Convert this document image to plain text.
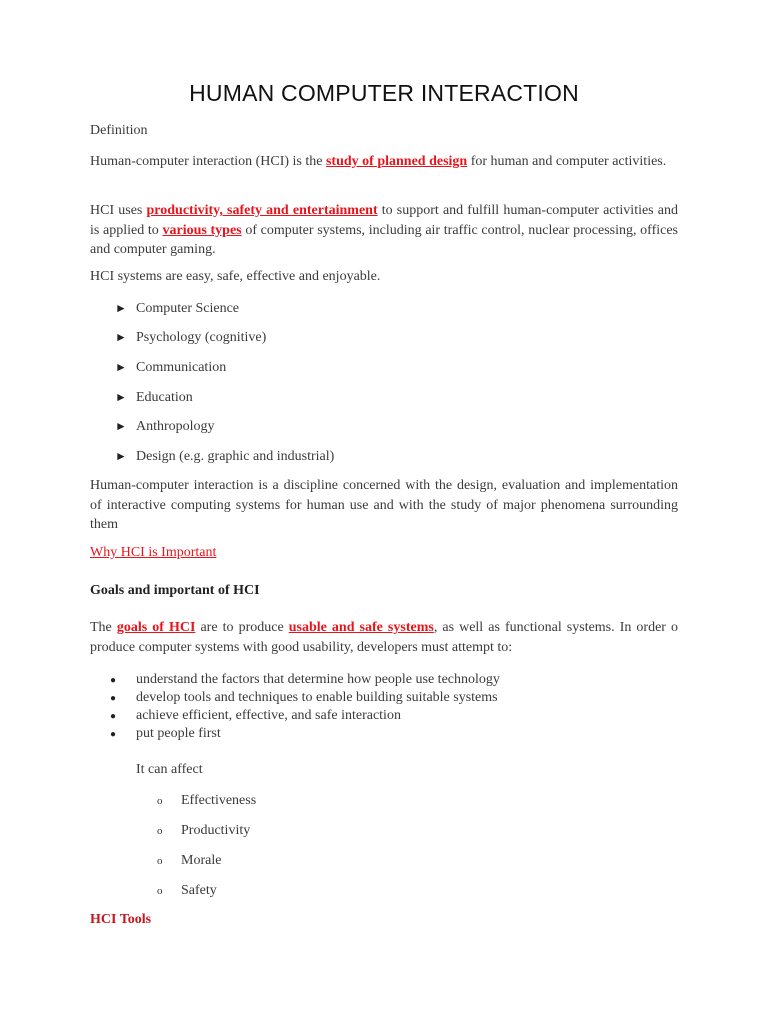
HUMAN COMPUTER INTERACTION
Definition

Human-computer interaction (HCI) is the study of planned design for human and computer activities.

HCI uses productivity, safety and entertainment to support and fulfill human-computer activities and is applied to various types of computer systems, including air traffic control, nuclear processing, offices and computer gaming.

HCI systems are easy, safe, effective and enjoyable.
► Computer Science
► Psychology (cognitive)
► Communication
► Education
► Anthropology
► Design (e.g. graphic and industrial)

Human-computer interaction is a discipline concerned with the design, evaluation and implementation of interactive computing systems for human use and with the study of major phenomena surrounding them

Why HCI is Important
Goals and important of HCI

The goals of HCI are to produce usable and safe systems, as well as functional systems. In order o produce computer systems with good usability, developers must attempt to:

● understand the factors that determine how people use technology
● develop tools and techniques to enable building suitable systems
● achieve efficient, effective, and safe interaction
● put people first
It can affect
o Effectiveness
o Productivity
o Morale
o Safety
HCI Tools
